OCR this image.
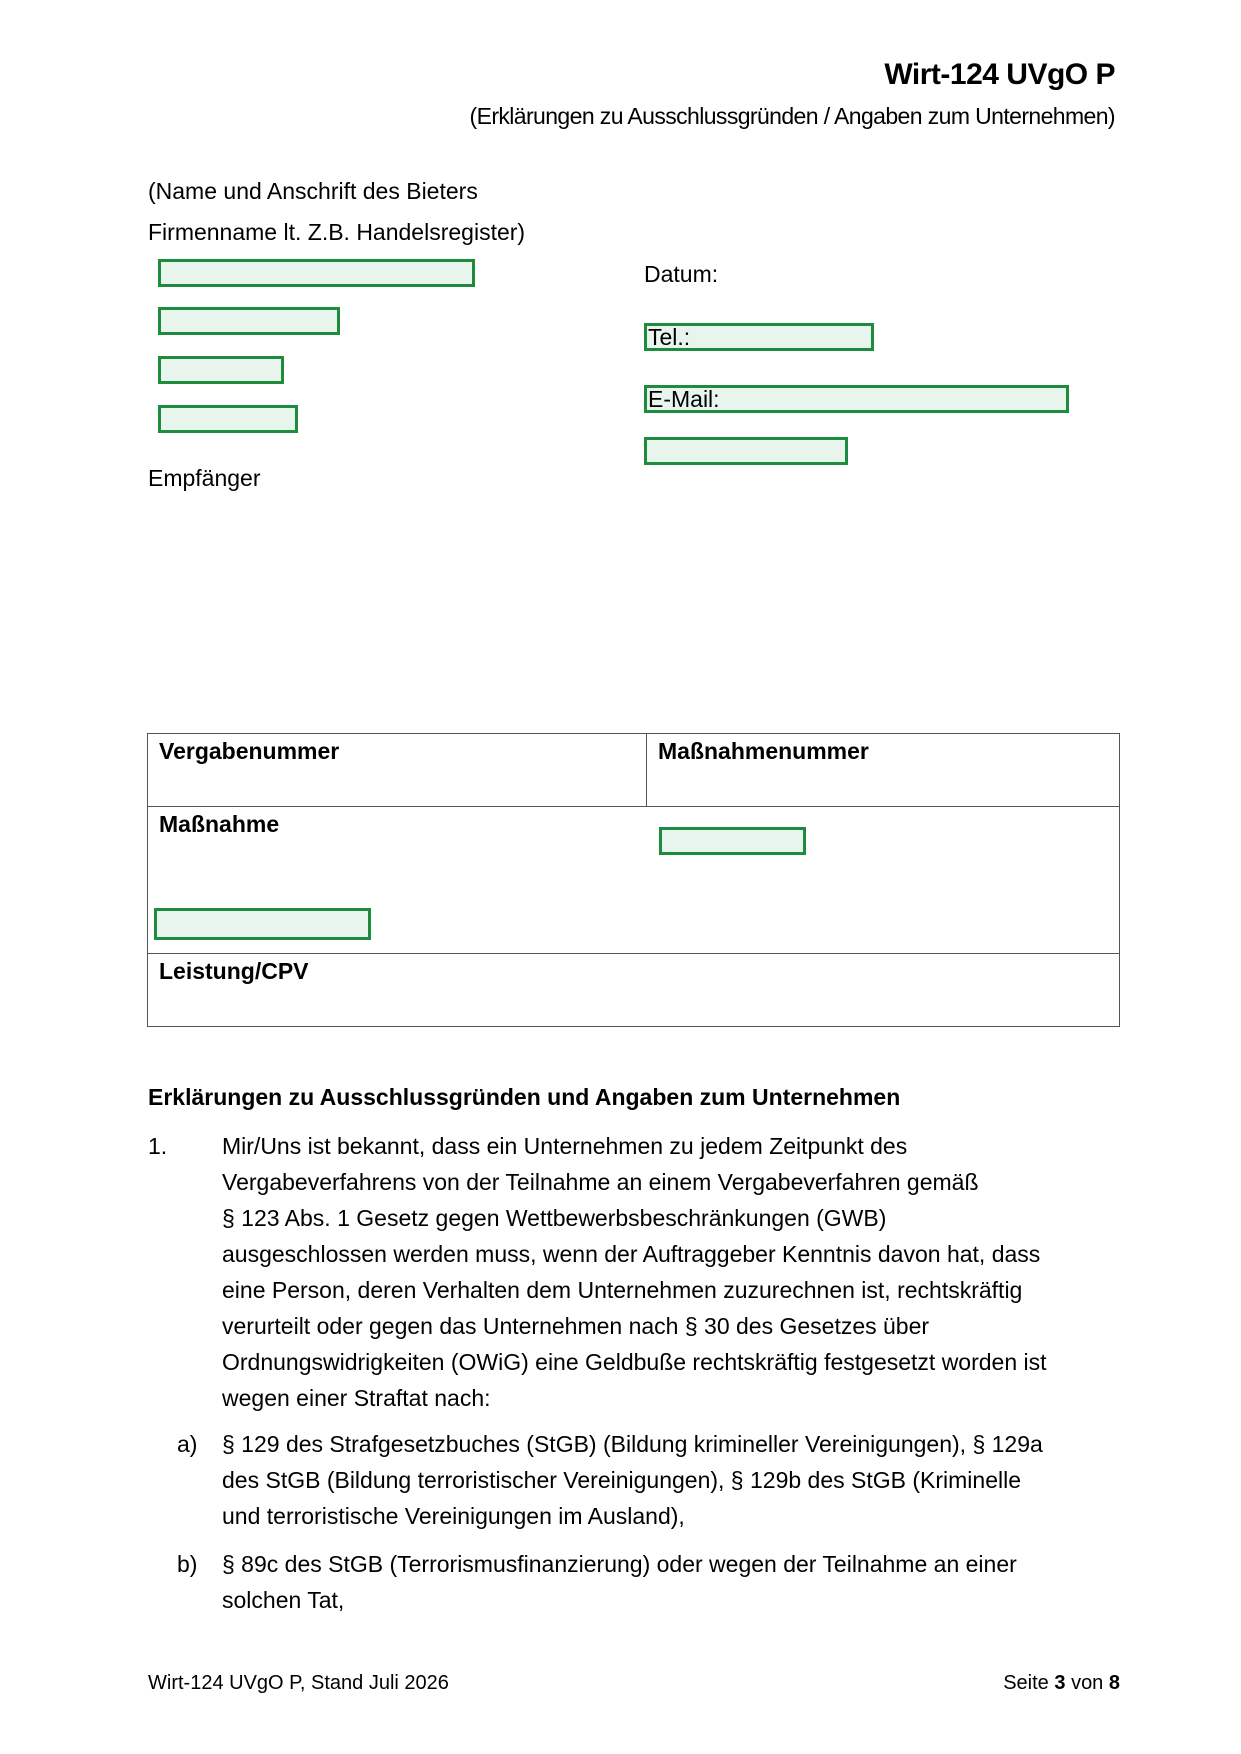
Wirt-124 UVgO P
(Erklärungen zu Ausschlussgründen / Angaben zum Unternehmen)
(Name und Anschrift des Bieters
Firmenname lt. Z.B. Handelsregister)
Empfänger
Datum:
Tel.:
E-Mail:
Vergabenummer	Maßnahmenummer

Maßnahme

Leistung/CPV
Erklärungen zu Ausschlussgründen und Angaben zum Unternehmen
1. Mir/Uns ist bekannt, dass ein Unternehmen zu jedem Zeitpunkt des
Vergabeverfahrens von der Teilnahme an einem Vergabeverfahren gemäß
§ 123 Abs. 1 Gesetz gegen Wettbewerbsbeschränkungen (GWB)
ausgeschlossen werden muss, wenn der Auftraggeber Kenntnis davon hat, dass
eine Person, deren Verhalten dem Unternehmen zuzurechnen ist, rechtskräftig
verurteilt oder gegen das Unternehmen nach § 30 des Gesetzes über
Ordnungswidrigkeiten (OWiG) eine Geldbuße rechtskräftig festgesetzt worden ist
wegen einer Straftat nach:
a) § 129 des Strafgesetzbuches (StGB) (Bildung krimineller Vereinigungen), § 129a
des StGB (Bildung terroristischer Vereinigungen), § 129b des StGB (Kriminelle
und terroristische Vereinigungen im Ausland),
b) § 89c des StGB (Terrorismusfinanzierung) oder wegen der Teilnahme an einer
solchen Tat,
Wirt-124 UVgO P, Stand Juli 2026	Seite 3 von 8
